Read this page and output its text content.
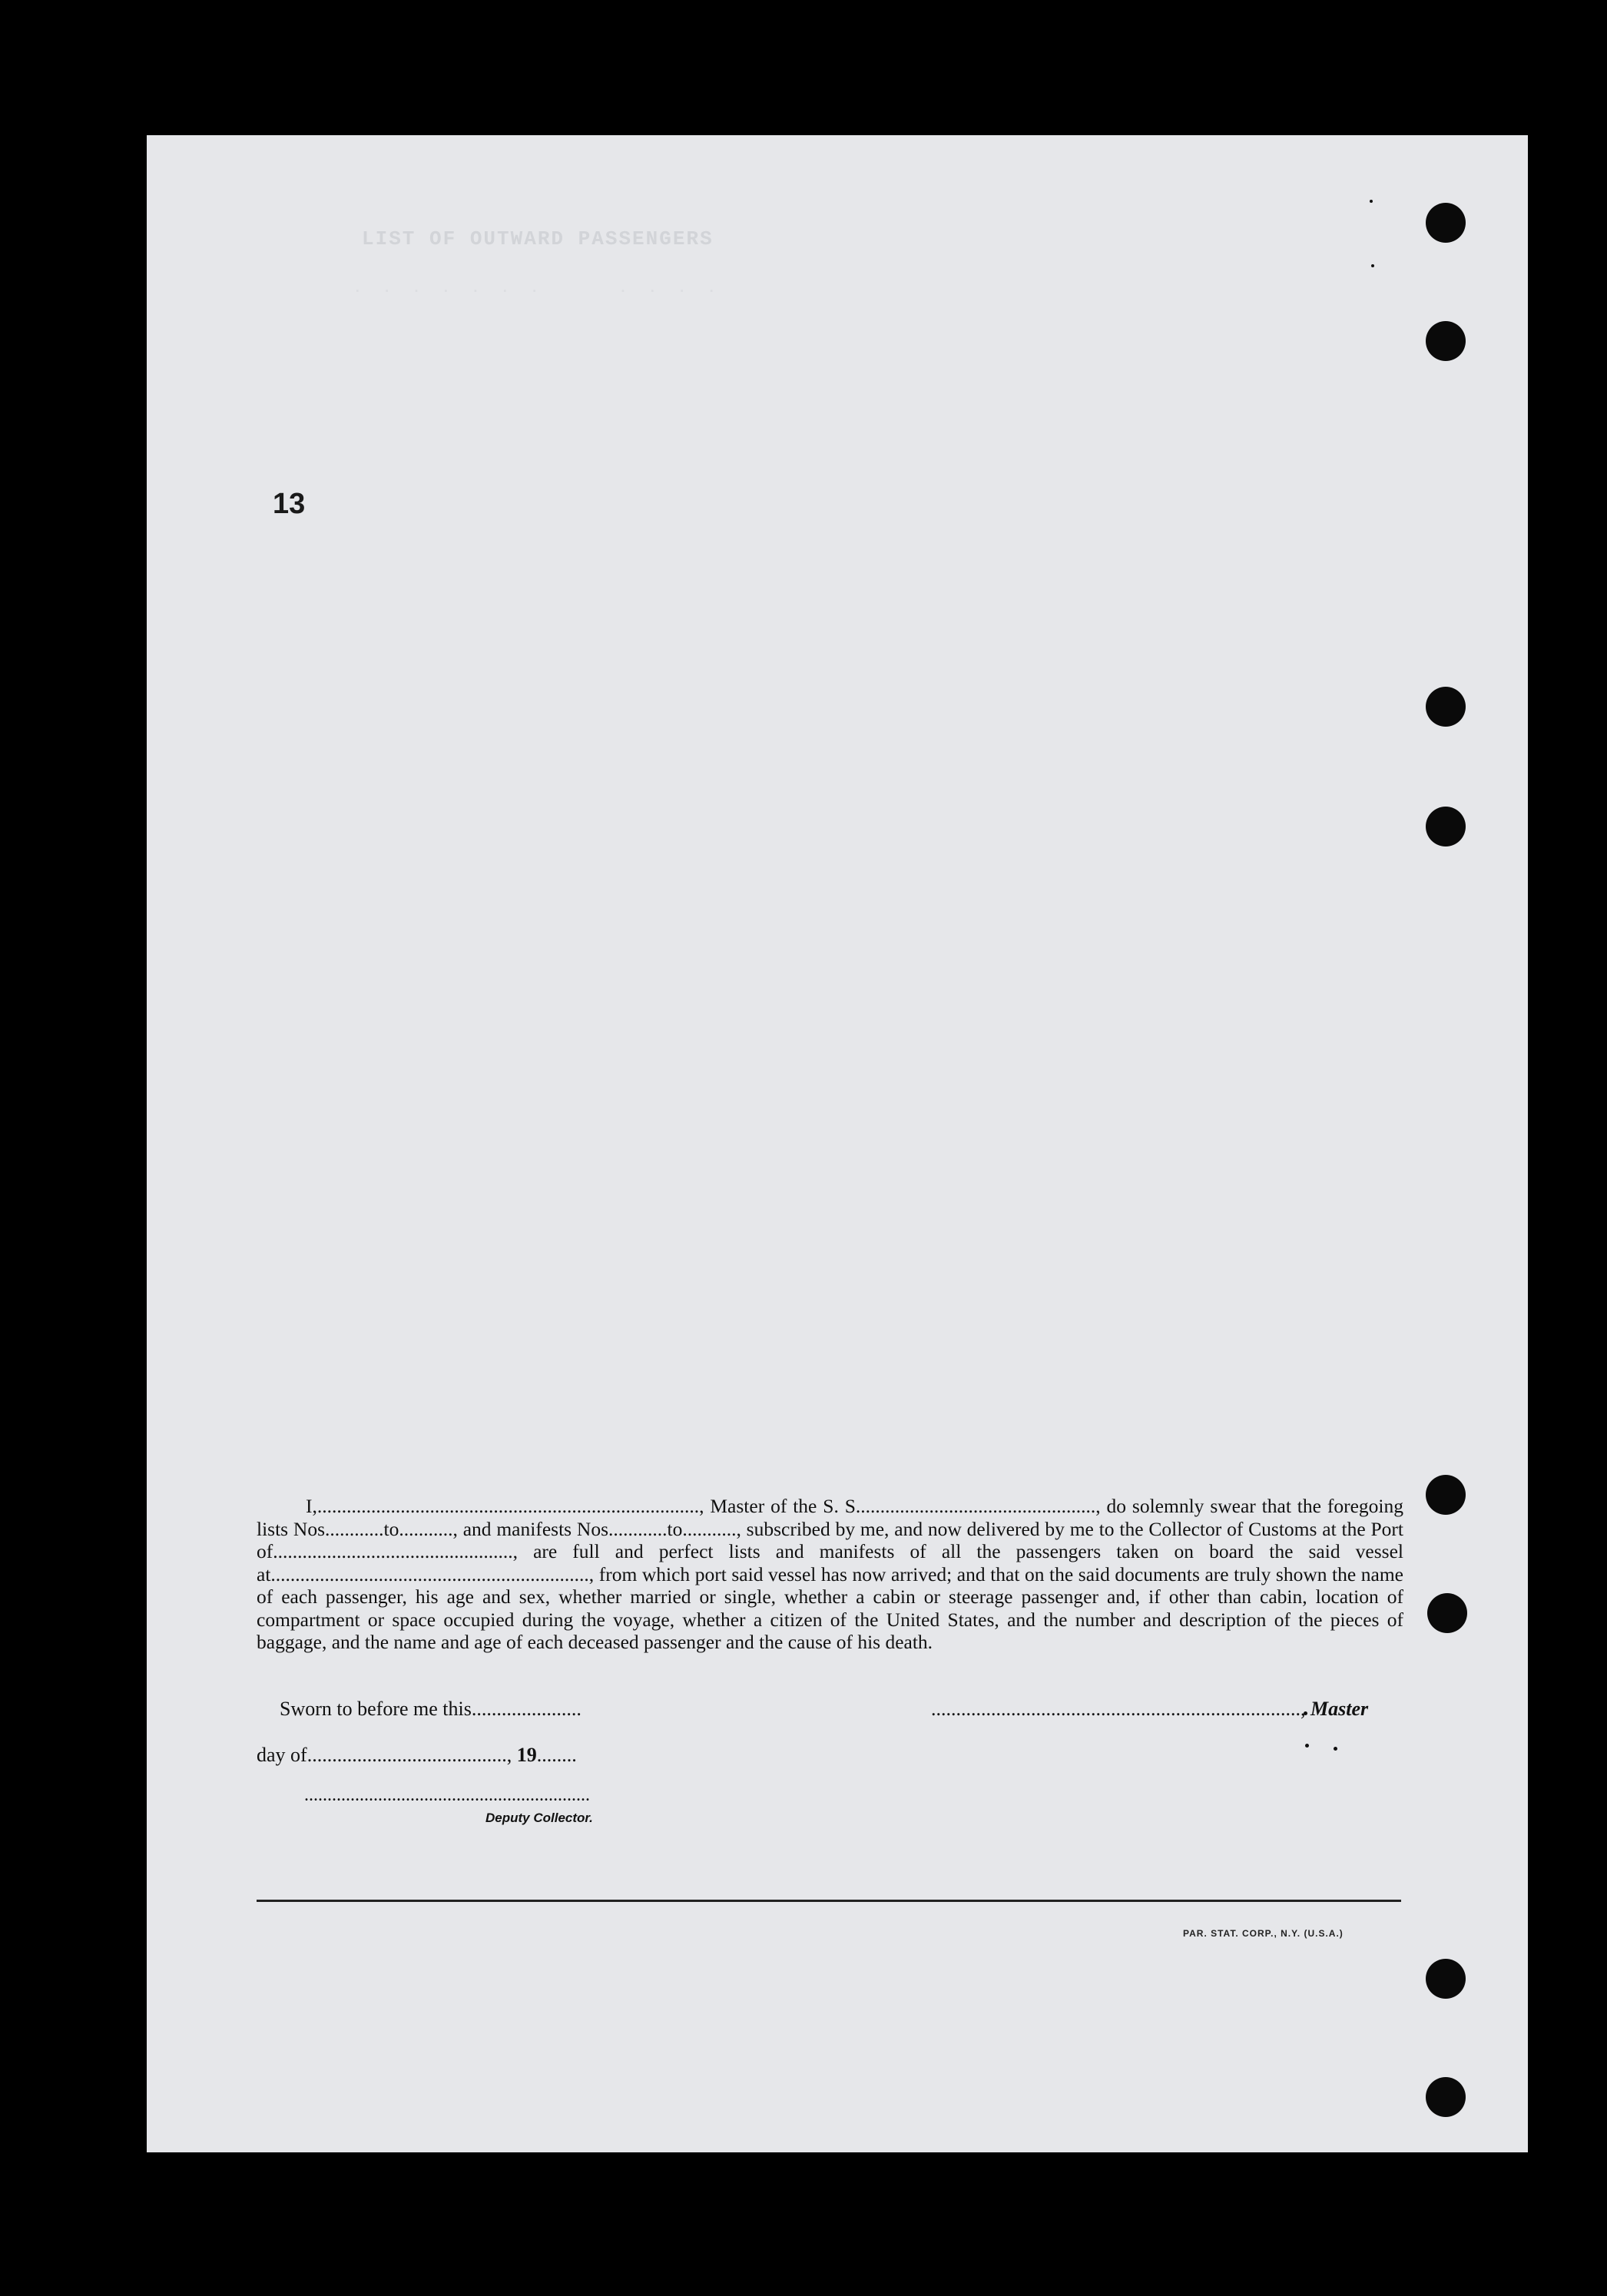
LIST OF OUTWARD PASSENGERS
.  .  .  .  .  .  .        .  .  .  .
13

I,.............................................................................., Master of the S. S................................................., do solemnly swear that the foregoing lists Nos............to..........., and manifests Nos............to..........., subscribed by me, and now delivered by me to the Collector of Customs at the Port of................................................., are full and perfect lists and manifests of all the passengers taken on board the said vessel at................................................................., from which port said vessel has now arrived; and that on the said documents are truly shown the name of each passenger, his age and sex, whether married or single, whether a cabin or steerage passenger and, if other than cabin, location of compartment or space occupied during the voyage, whether a citizen of the United States, and the number and description of the pieces of baggage, and the name and age of each deceased passenger and the cause of his death.

Sworn to before me this......................	.........................................................................., Master
day of........................................, 19........
..............................................................
Deputy Collector.
PAR. STAT. CORP., N.Y. (U.S.A.)
